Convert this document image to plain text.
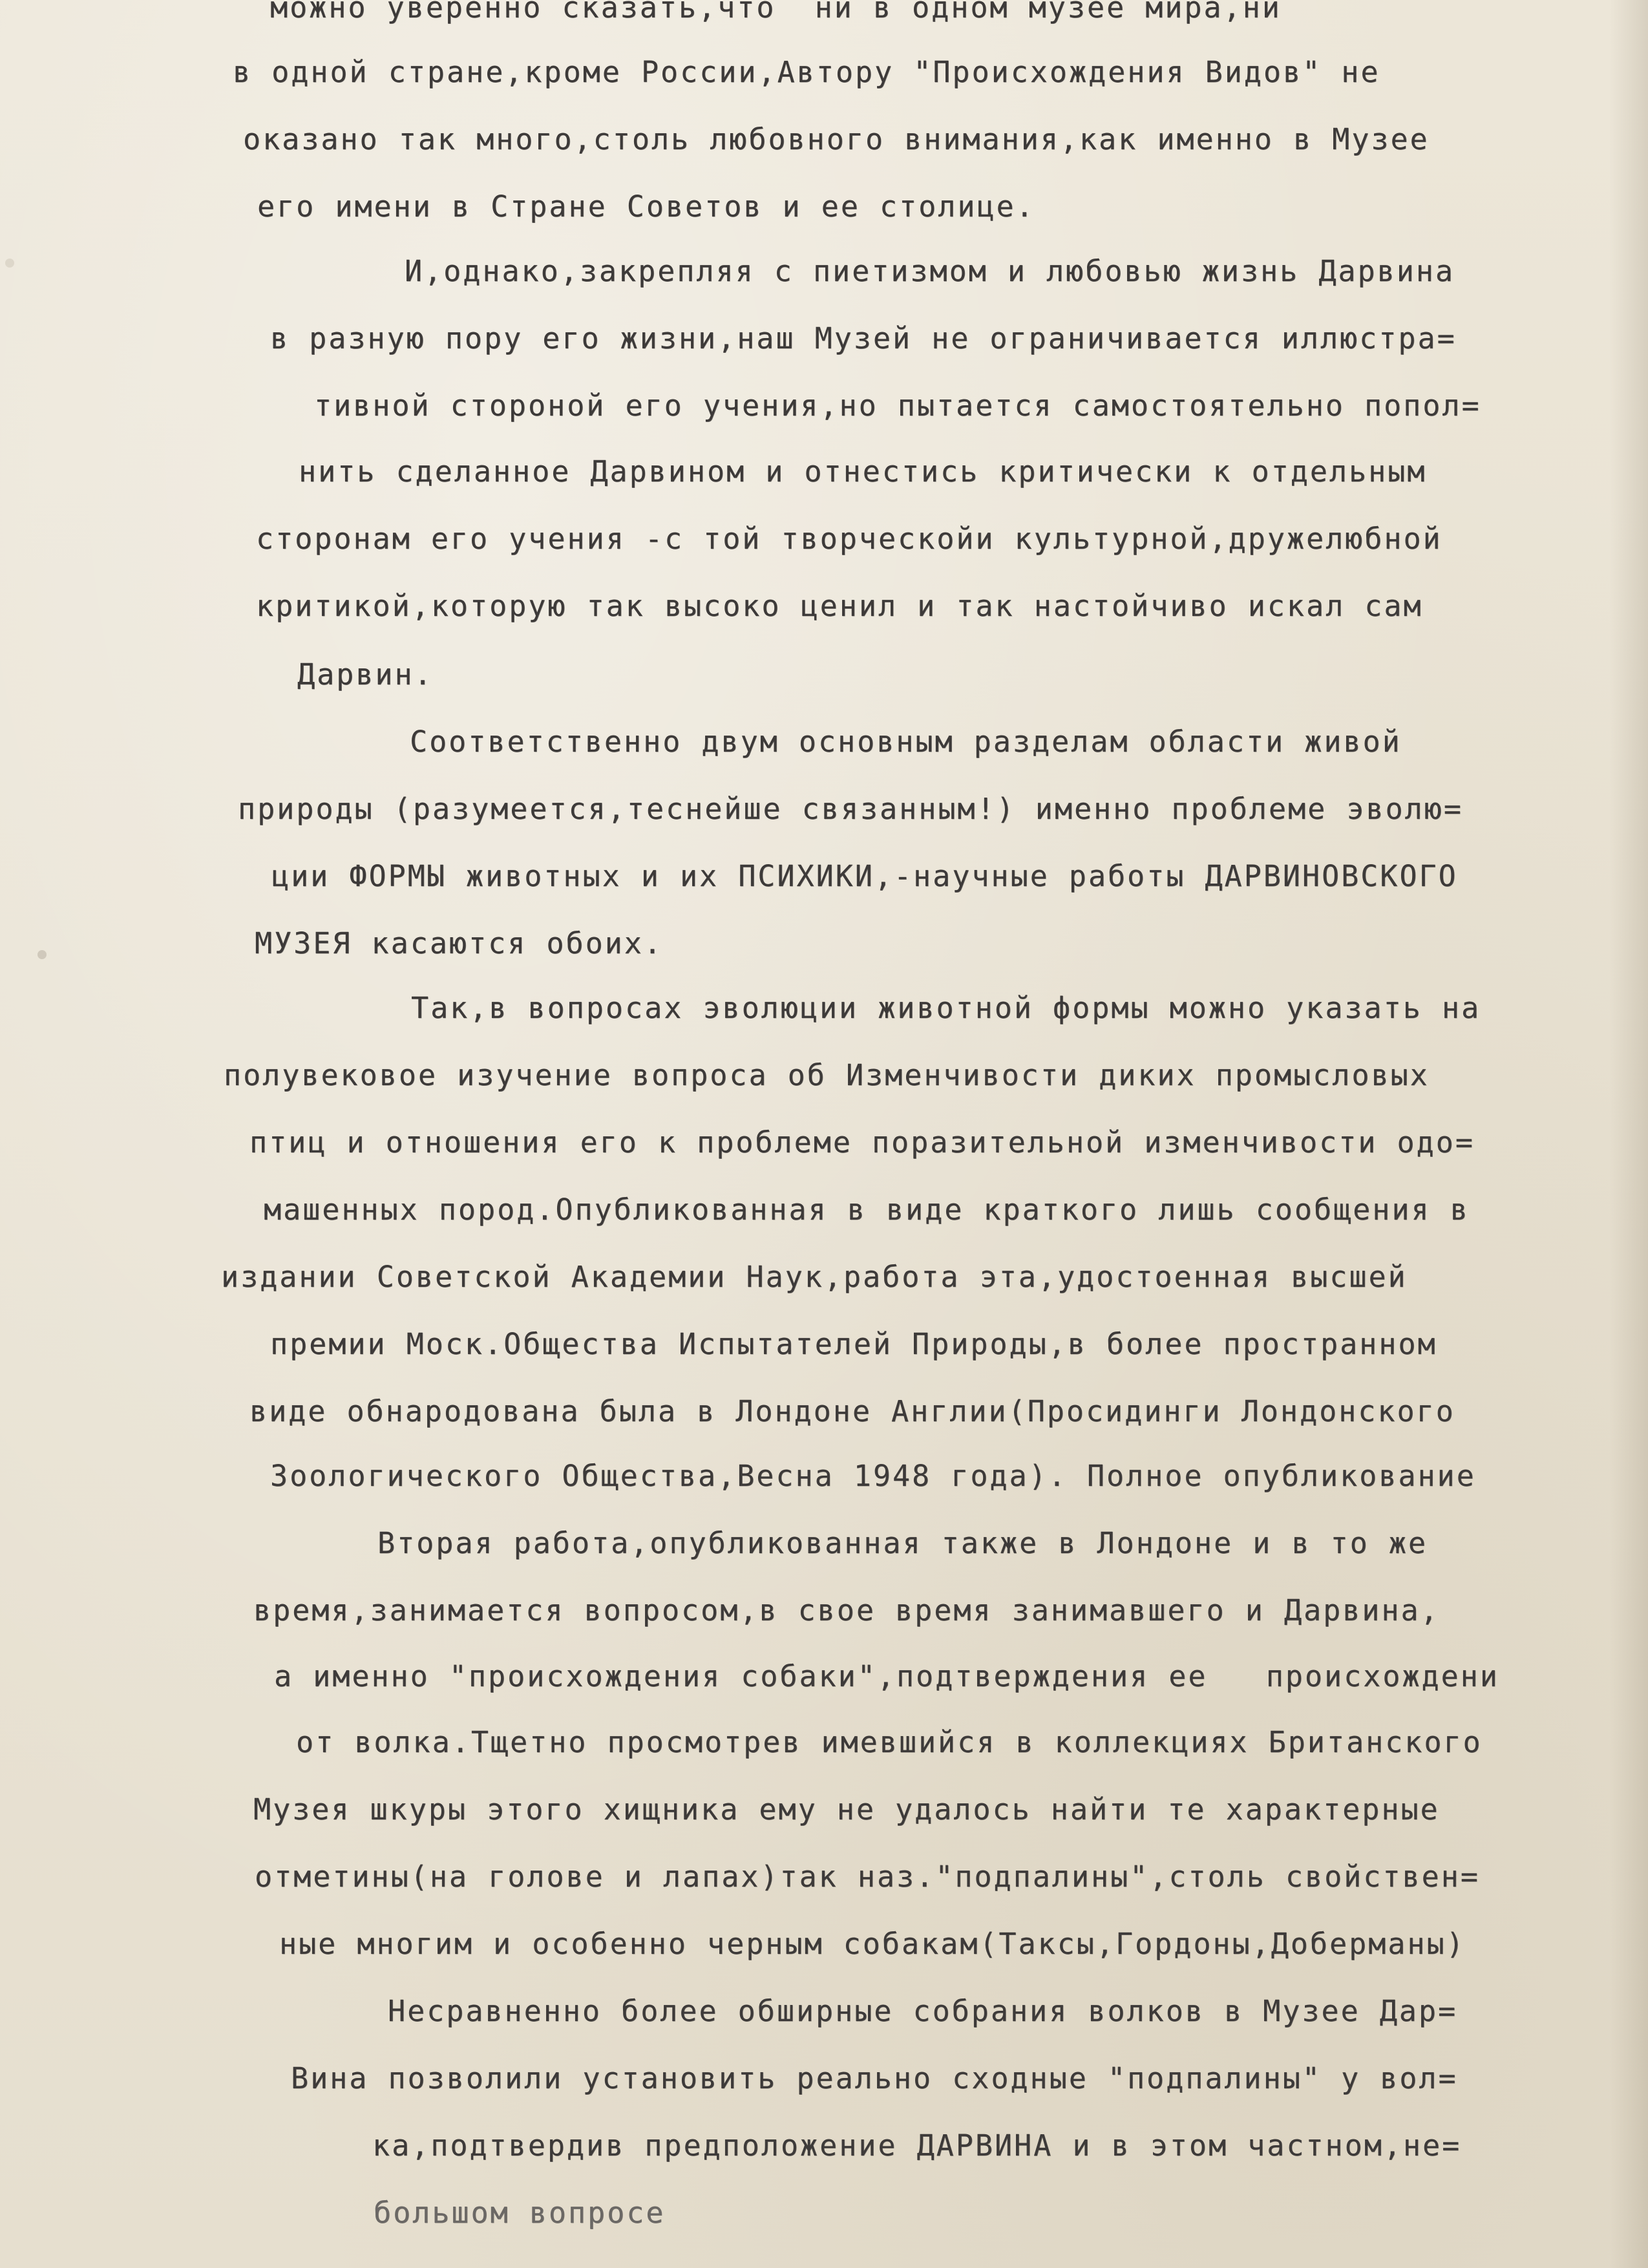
можно уверенно сказать,что  ни в одном музее мира,ни
в одной стране,кроме России,Автору "Происхождения Видов" не
оказано так много,столь любовного внимания,как именно в Музее
его имени в Стране Советов и ее столице.
И,однако,закрепляя с пиетизмом и любовью жизнь Дарвина
в разную пору его жизни,наш Музей не ограничивается иллюстра=
тивной стороной его учения,но пытается самостоятельно попол=
нить сделанное Дарвином и отнестись критически к отдельным
сторонам его учения -с той творческойи культурной,дружелюбной
критикой,которую так высоко ценил и так настойчиво искал сам
Дарвин.
Соответственно двум основным разделам области живой
природы (разумеется,теснейше связанным!) именно проблеме эволю=
ции ФОРМЫ животных и их ПСИХИКИ,-научные работы ДАРВИНОВСКОГО
МУЗЕЯ касаются обоих.
Так,в вопросах эволюции животной формы можно указать на
полувековое изучение вопроса об Изменчивости диких промысловых
птиц и отношения его к проблеме поразительной изменчивости одо=
машенных пород.Опубликованная в виде краткого лишь сообщения в
издании Советской Академии Наук,работа эта,удостоенная высшей
премии Моск.Общества Испытателей Природы,в более пространном
виде обнародована была в Лондоне Англии(Просидинги Лондонского
Зоологического Общества,Весна 1948 года). Полное опубликование
Вторая работа,опубликованная также в Лондоне и в то же
время,занимается вопросом,в свое время занимавшего и Дарвина,
а именно "происхождения собаки",подтверждения ее   происхождени
от волка.Тщетно просмотрев имевшийся в коллекциях Британского
Музея шкуры этого хищника ему не удалось найти те характерные
отметины(на голове и лапах)так наз."подпалины",столь свойствен=
ные многим и особенно черным собакам(Таксы,Гордоны,Доберманы)
Несравненно более обширные собрания волков в Музее Дар=
Вина позволили установить реально сходные "подпалины" у вол=
ка,подтвердив предположение ДАРВИНА и в этом частном,не=
большом вопросе
